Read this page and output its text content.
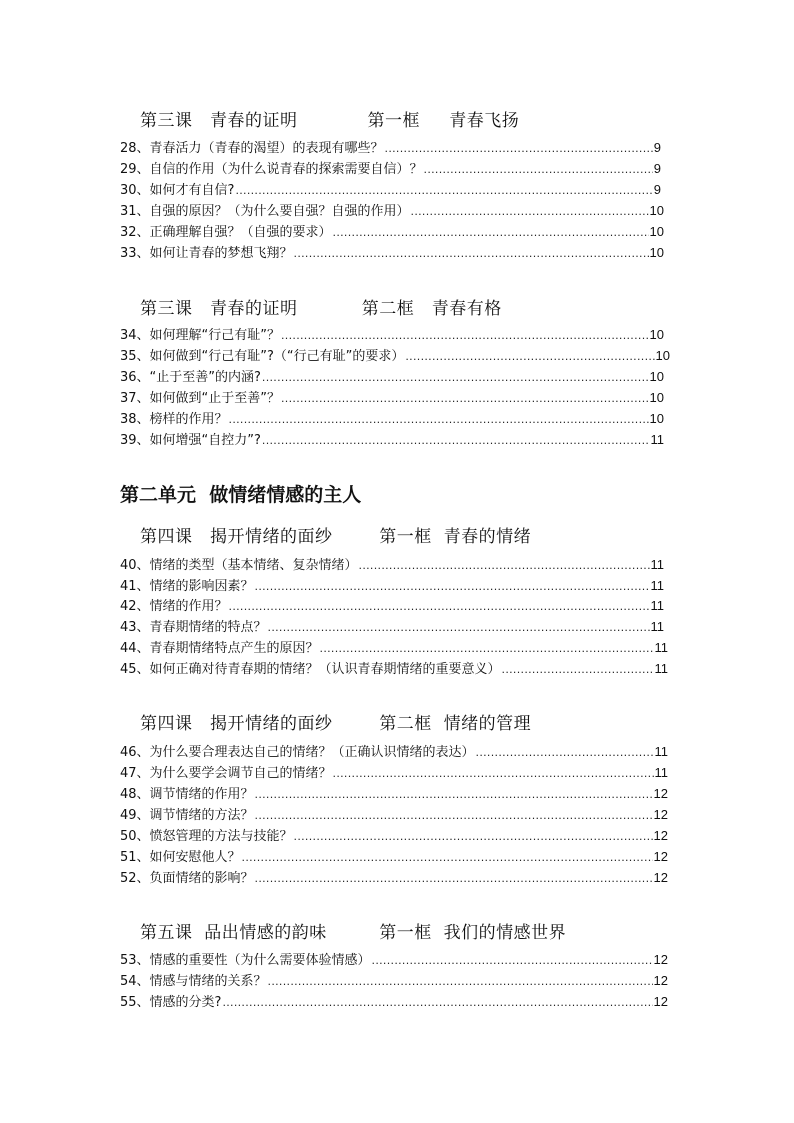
第三课　青春的证明　　　　第一框　  青春飞扬
28、青春活力（青春的渴望）的表现有哪些？ .....	9
29、自信的作用（为什么说青春的探索需要自信）？ .....	9
30、如何才有自信? .....	9
31、自强的原因？（为什么要自强？自强的作用） .....	10
32、正确理解自强？（自强的要求） .....	10
33、如何让青春的梦想飞翔？ .....	10
第三课　青春的证明　　　  第二框　青春有格
34、如何理解“行己有耻”？ .....	10
35、如何做到“行己有耻”?（“行己有耻”的要求） .....	10
36、“止于至善”的内涵? .....	10
37、如何做到“止于至善”？ .....	10
38、榜样的作用？ .....	10
39、如何增强“自控力”? .....	11
第二单元  做情绪情感的主人
第四课　揭开情绪的面纱　　  第一框  青春的情绪
40、情绪的类型（基本情绪、复杂情绪） .....	11
41、情绪的影响因素？ .....	11
42、情绪的作用？ .....	11
43、青春期情绪的特点？ .....	11
44、青春期情绪特点产生的原因？ .....	11
45、如何正确对待青春期的情绪？（认识青春期情绪的重要意义） .....	11
第四课　揭开情绪的面纱　　  第二框  情绪的管理
46、为什么要合理表达自己的情绪？（正确认识情绪的表达） .....	11
47、为什么要学会调节自己的情绪？ .....	11
48、调节情绪的作用？ .....	12
49、调节情绪的方法？ .....	12
50、愤怒管理的方法与技能？ .....	12
51、如何安慰他人？ .....	12
52、负面情绪的影响？ .....	12
第五课  品出情感的韵味　　　第一框  我们的情感世界
53、情感的重要性（为什么需要体验情感） .....	12
54、情感与情绪的关系？ .....	12
55、情感的分类? .....	12
